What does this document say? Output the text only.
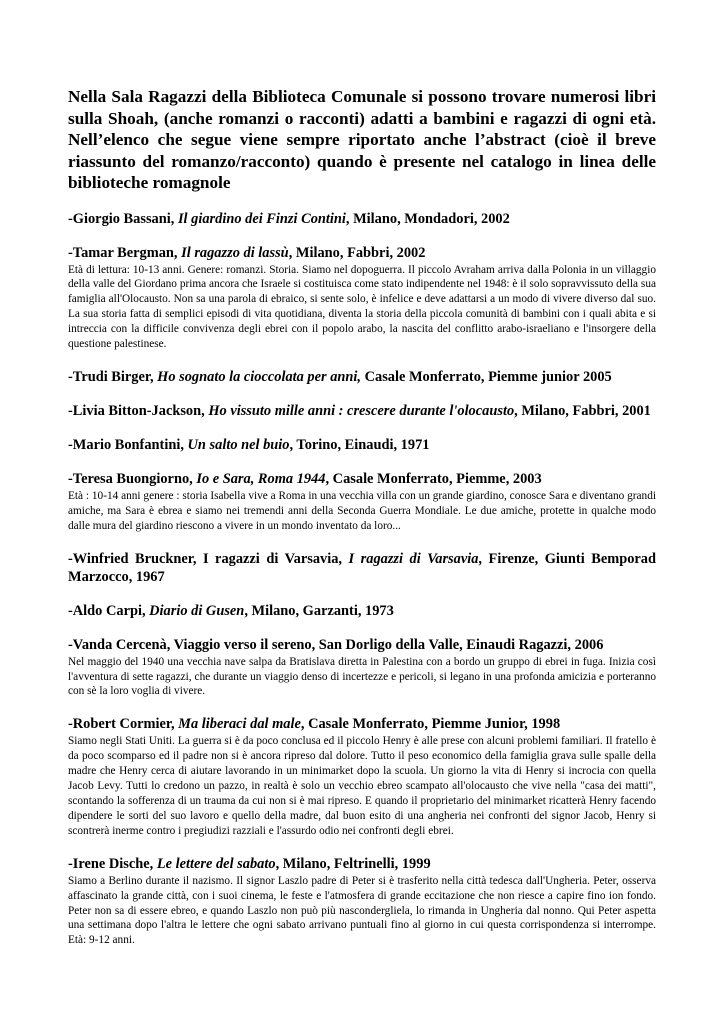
Nella Sala Ragazzi della Biblioteca Comunale si possono trovare numerosi libri sulla Shoah, (anche romanzi o racconti) adatti a bambini e ragazzi di ogni età. Nell’elenco che segue viene sempre riportato anche l’abstract (cioè il breve riassunto del romanzo/racconto) quando è presente nel catalogo in linea delle biblioteche romagnole

-Giorgio Bassani, Il giardino dei Finzi Contini, Milano, Mondadori, 2002

-Tamar Bergman, Il ragazzo di lassù, Milano, Fabbri, 2002

Età di lettura: 10-13 anni. Genere: romanzi. Storia. Siamo nel dopoguerra. Il piccolo Avraham arriva dalla Polonia in un villaggio della valle del Giordano prima ancora che Israele si costituisca come stato indipendente nel 1948: è il solo sopravvissuto della sua famiglia all'Olocausto. Non sa una parola di ebraico, si sente solo, è infelice e deve adattarsi a un modo di vivere diverso dal suo. La sua storia fatta di semplici episodi di vita quotidiana, diventa la storia della piccola comunità di bambini con i quali abita e si intreccia con la difficile convivenza degli ebrei con il popolo arabo, la nascita del conflitto arabo-israeliano e l'insorgere della questione palestinese.

-Trudi Birger, Ho sognato la cioccolata per anni, Casale Monferrato, Piemme junior 2005

-Livia Bitton-Jackson, Ho vissuto mille anni : crescere durante l'olocausto, Milano, Fabbri, 2001

-Mario Bonfantini, Un salto nel buio, Torino, Einaudi, 1971

-Teresa Buongiorno, Io e Sara, Roma 1944, Casale Monferrato, Piemme, 2003

Età : 10-14 anni genere : storia Isabella vive a Roma in una vecchia villa con un grande giardino, conosce Sara e diventano grandi amiche, ma Sara è ebrea e siamo nei tremendi anni della Seconda Guerra Mondiale. Le due amiche, protette in qualche modo dalle mura del giardino riescono a vivere in un mondo inventato da loro...

-Winfried Bruckner, I ragazzi di Varsavia, I ragazzi di Varsavia, Firenze, Giunti Bemporad Marzocco, 1967

-Aldo Carpi, Diario di Gusen, Milano, Garzanti, 1973

-Vanda Cercenà, Viaggio verso il sereno, San Dorligo della Valle, Einaudi Ragazzi, 2006

Nel maggio del 1940 una vecchia nave salpa da Bratislava diretta in Palestina con a bordo un gruppo di ebrei in fuga. Inizia così l'avventura di sette ragazzi, che durante un viaggio denso di incertezze e pericoli, si legano in una profonda amicizia e porteranno con sè la loro voglia di vivere.

-Robert Cormier, Ma liberaci dal male, Casale Monferrato, Piemme Junior, 1998

Siamo negli Stati Uniti. La guerra si è da poco conclusa ed il piccolo Henry è alle prese con alcuni problemi familiari. Il fratello è da poco scomparso ed il padre non si è ancora ripreso dal dolore. Tutto il peso economico della famiglia grava sulle spalle della madre che Henry cerca di aiutare lavorando in un minimarket dopo la scuola. Un giorno la vita di Henry si incrocia con quella Jacob Levy. Tutti lo credono un pazzo, in realtà è solo un vecchio ebreo scampato all'olocausto che vive nella "casa dei matti", scontando la sofferenza di un trauma da cui non si è mai ripreso. E quando il proprietario del minimarket ricatterà Henry facendo dipendere le sorti del suo lavoro e quello della madre, dal buon esito di una angheria nei confronti del signor Jacob, Henry si scontrerà inerme contro i pregiudizi razziali e l'assurdo odio nei confronti degli ebrei.

-Irene Dische, Le lettere del sabato, Milano, Feltrinelli, 1999

Siamo a Berlino durante il nazismo. Il signor Laszlo padre di Peter si è trasferito nella città tedesca dall'Ungheria. Peter, osserva affascinato la grande città, con i suoi cinema, le feste e l'atmosfera di grande eccitazione che non riesce a capire fino ion fondo. Peter non sa di essere ebreo, e quando Laszlo non può più nascondergliela, lo rimanda in Ungheria dal nonno. Qui Peter aspetta una settimana dopo l'altra le lettere che ogni sabato arrivano puntuali fino al giorno in cui questa corrispondenza si interrompe. Età: 9-12 anni.
